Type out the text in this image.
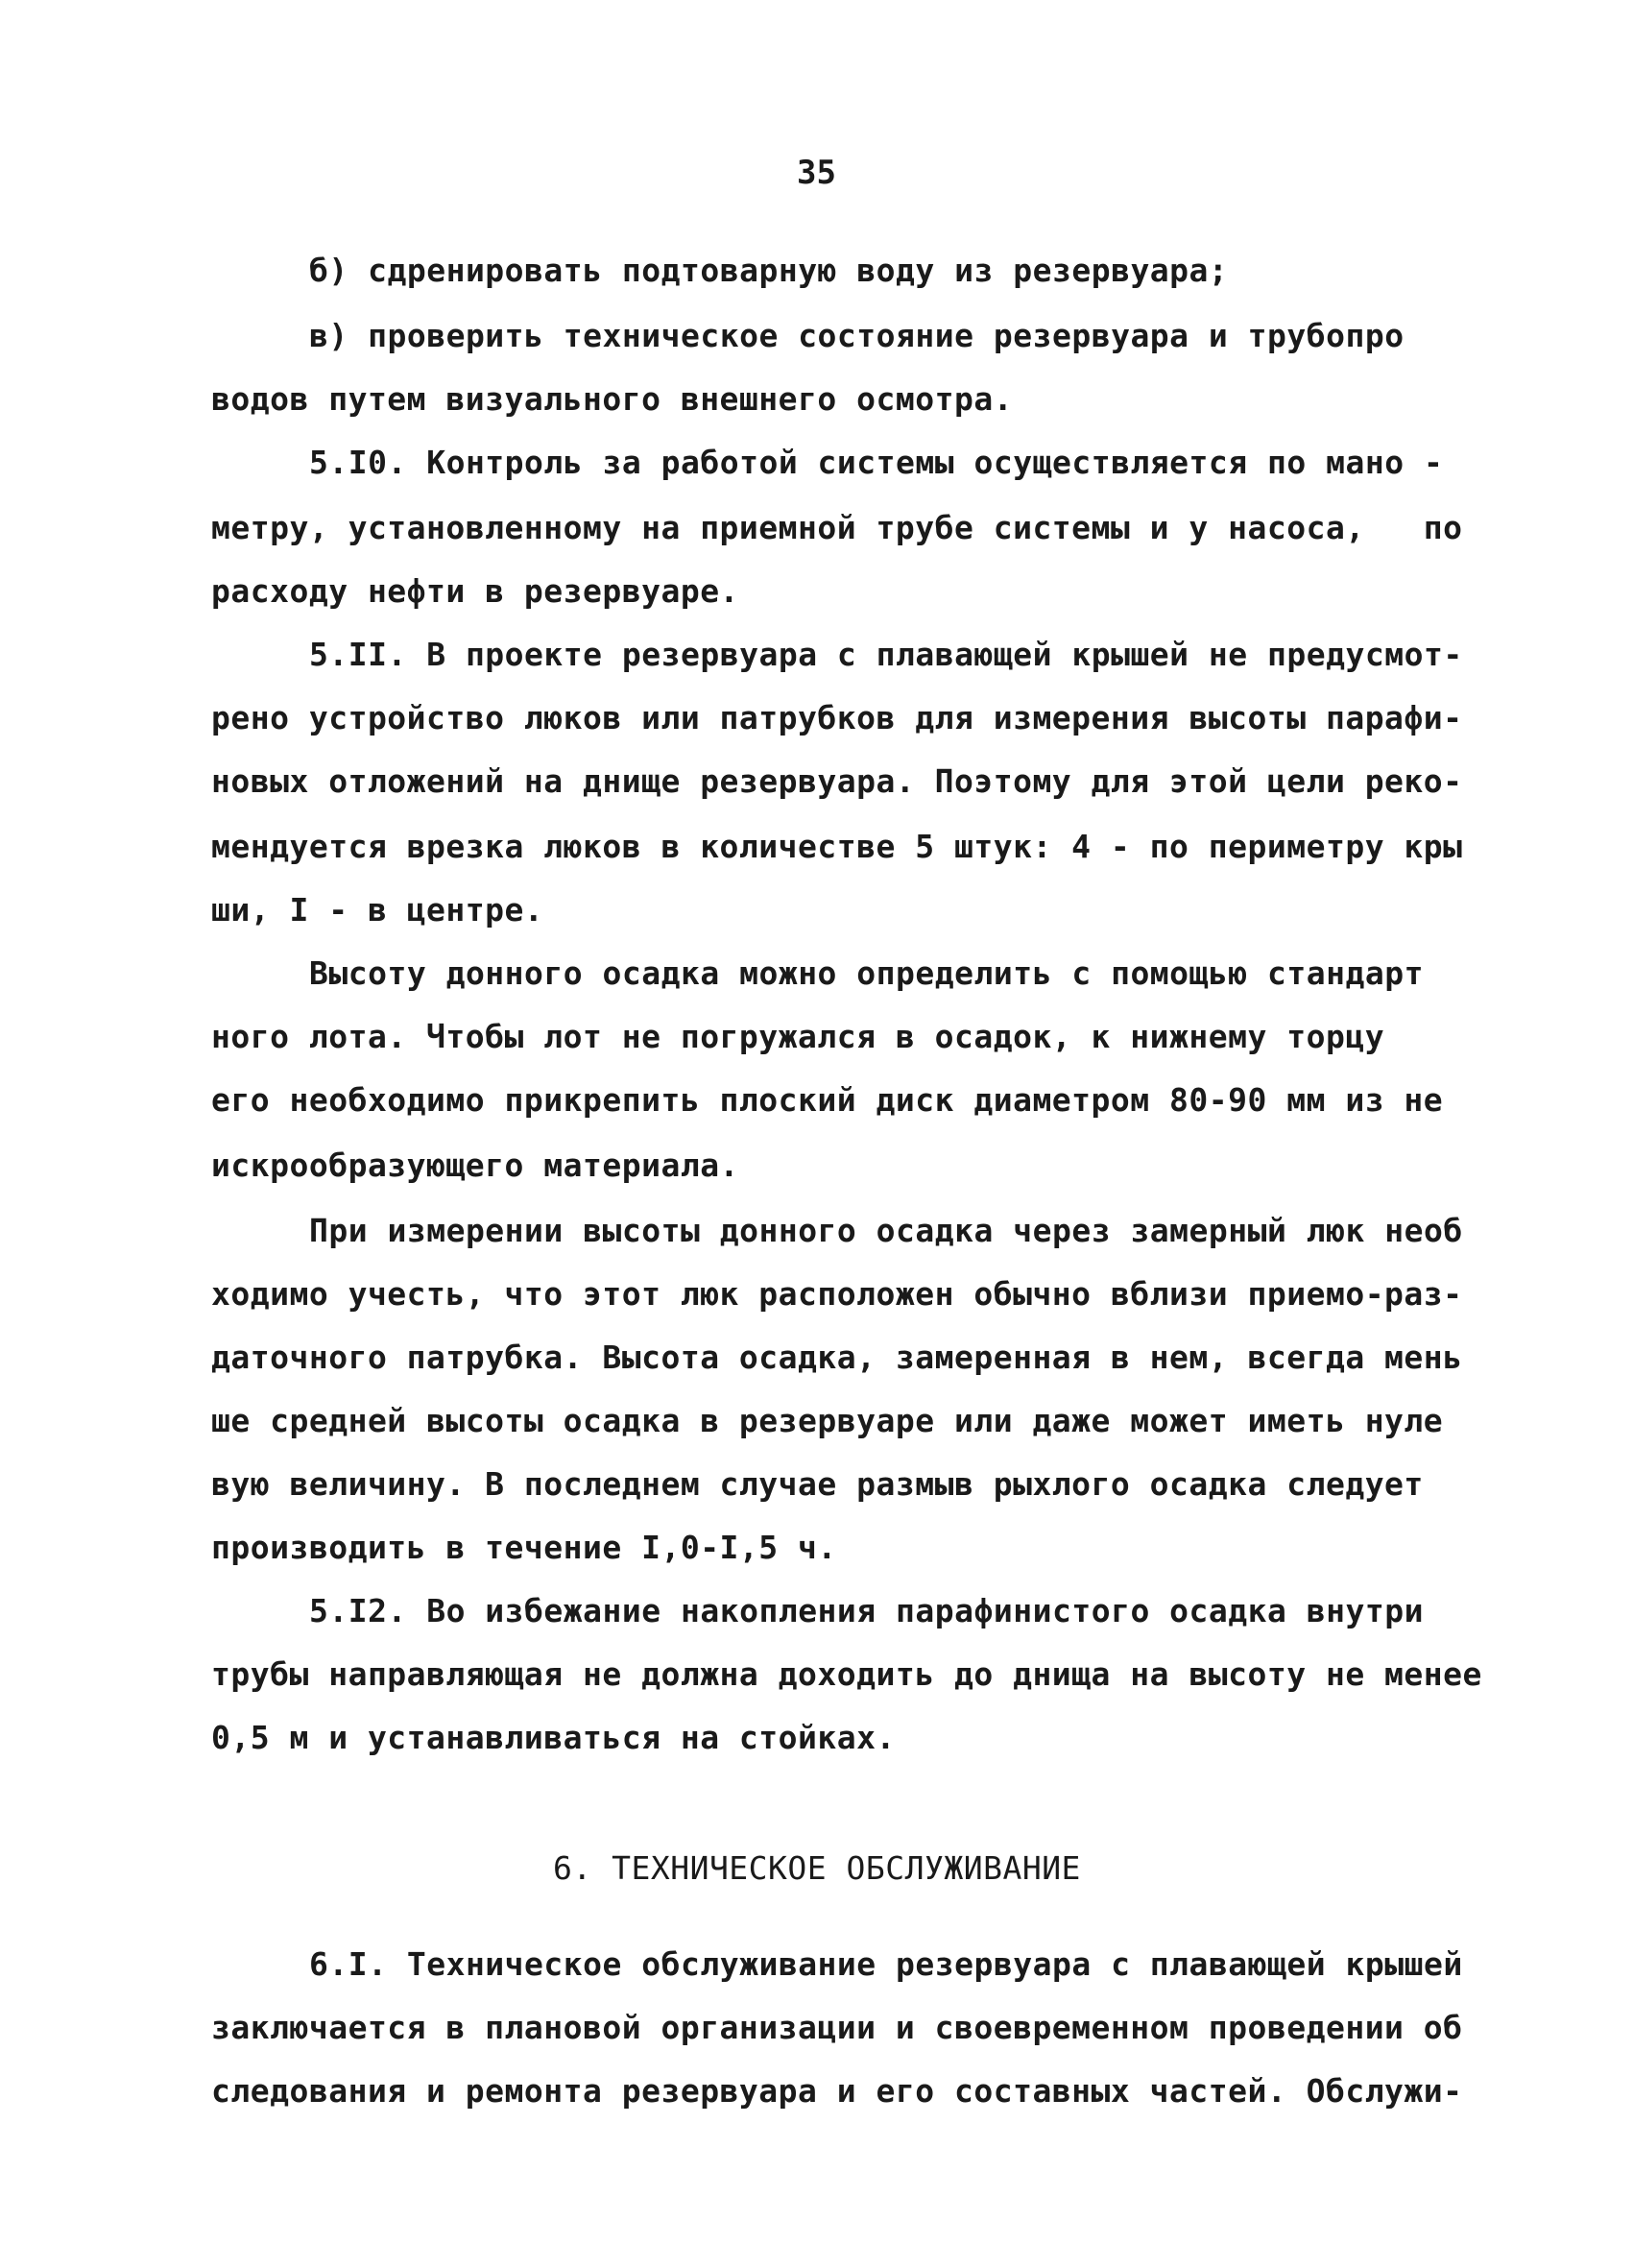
35
б) сдренировать подтоварную воду из резервуара;
в) проверить техническое состояние резервуара и трубопро
водов путем визуального внешнего осмотра.
5.I0. Контроль за работой системы осуществляется по мано -
метру, установленному на приемной трубе системы и у насоса,   по
расходу нефти в резервуаре.
5.II. В проекте резервуара с плавающей крышей не предусмот-
рено устройство люков или патрубков для измерения высоты парафи-
новых отложений на днище резервуара. Поэтому для этой цели реко-
мендуется врезка люков в количестве 5 штук: 4 - по периметру кры
ши, I - в центре.
Высоту донного осадка можно определить с помощью стандарт
ного лота. Чтобы лот не погружался в осадок, к нижнему торцу
его необходимо прикрепить плоский диск диаметром 80-90 мм из не
искрообразующего материала.
При измерении высоты донного осадка через замерный люк необ
ходимо учесть, что этот люк расположен обычно вблизи приемо-раз-
даточного патрубка. Высота осадка, замеренная в нем, всегда мень
ше средней высоты осадка в резервуаре или даже может иметь нуле
вую величину. В последнем случае размыв рыхлого осадка следует
производить в течение I,0-I,5 ч.
5.I2. Во избежание накопления парафинистого осадка внутри
трубы направляющая не должна доходить до днища на высоту не менее
0,5 м и устанавливаться на стойках.
6. ТЕХНИЧЕСКОЕ ОБСЛУЖИВАНИЕ
6.I. Техническое обслуживание резервуара с плавающей крышей
заключается в плановой организации и своевременном проведении об
следования и ремонта резервуара и его составных частей. Обслужи-
